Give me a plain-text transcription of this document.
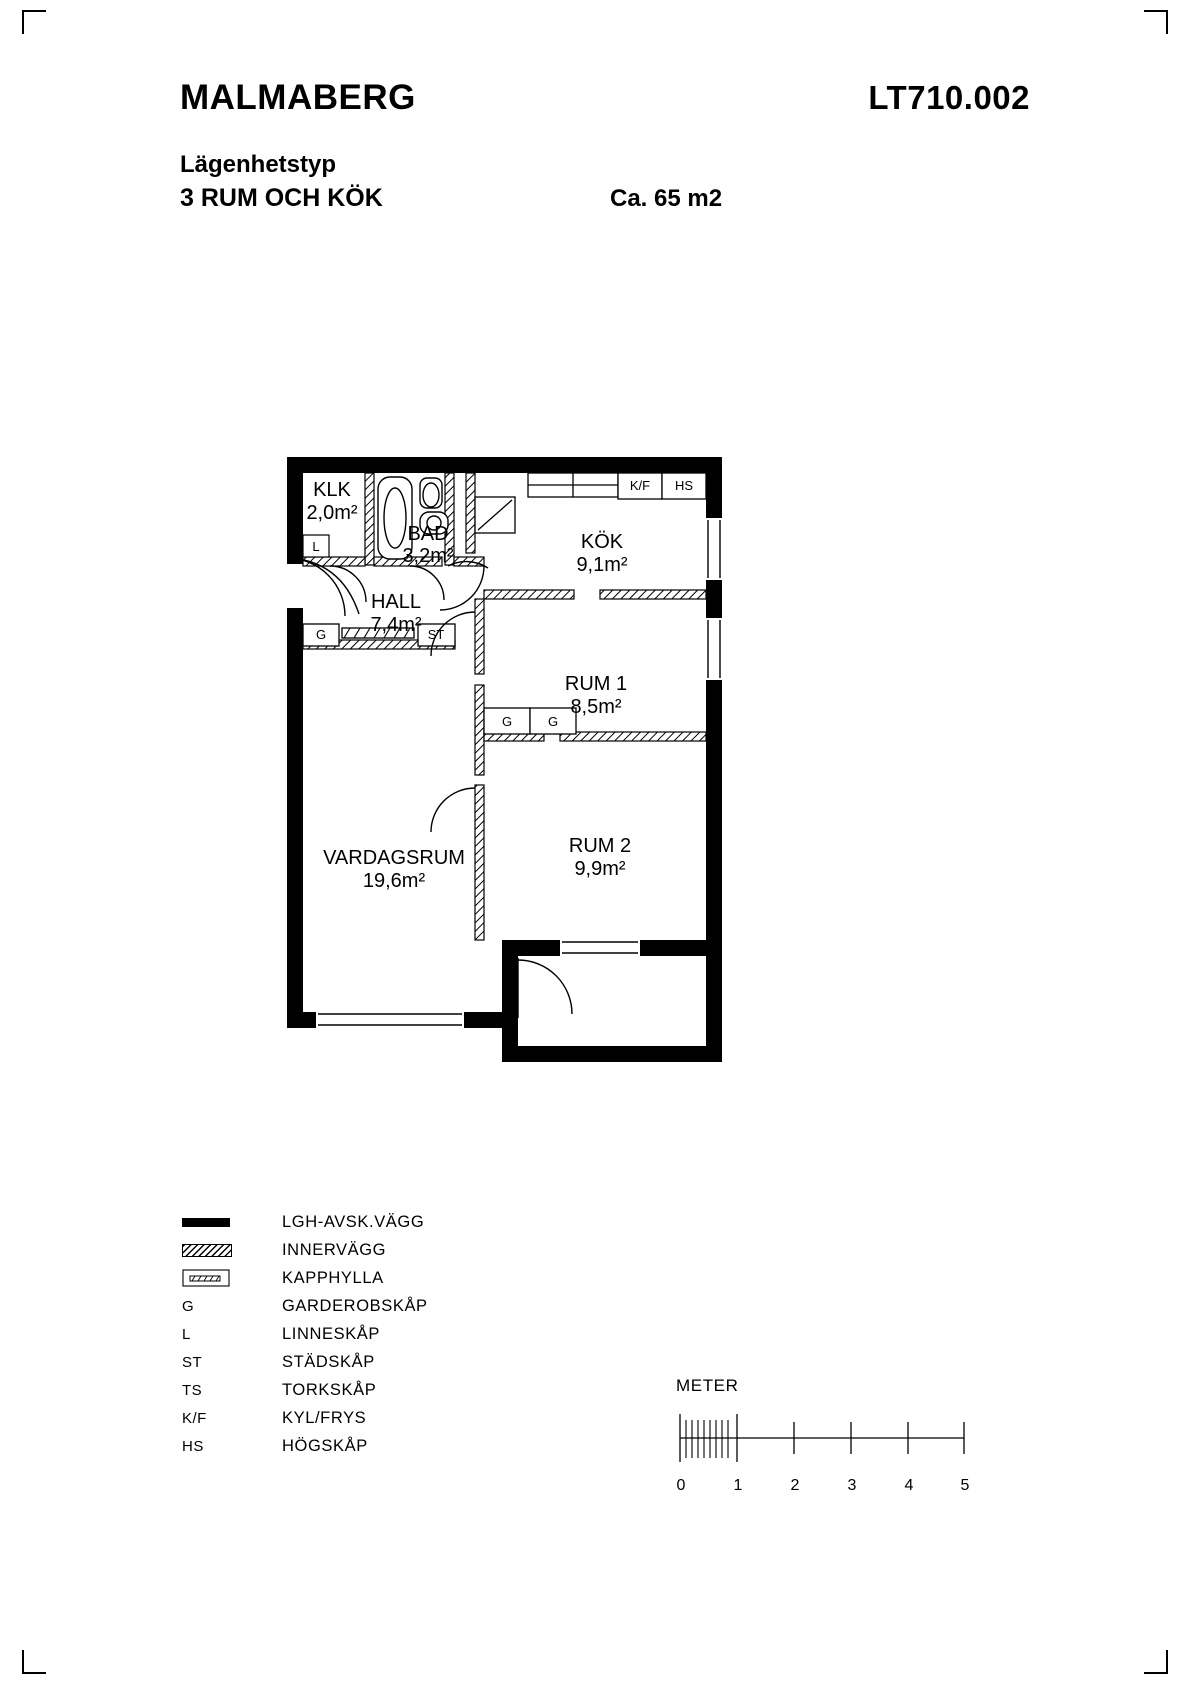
MALMABERG	LT710.002
Lägenhetstyp
3 RUM OCH KÖK	Ca. 65 m2
KLK
2,0m²
BAD
3,2m²
KÖK
9,1m²
HALL
7,4m²
RUM 1
8,5m²
RUM 2
9,9m²
VARDAGSRUM
19,6m²
L
G	ST
G	G
K/F HS
LGH-AVSK.VÄGG
INNERVÄGG
KAPPHYLLA
G	GARDEROBSKÅP
L	LINNESKÅP
ST	STÄDSKÅP
TS	TORKSKÅP
K/F	KYL/FRYS
HS	HÖGSKÅP
METER
0	1	2	3	4	5
